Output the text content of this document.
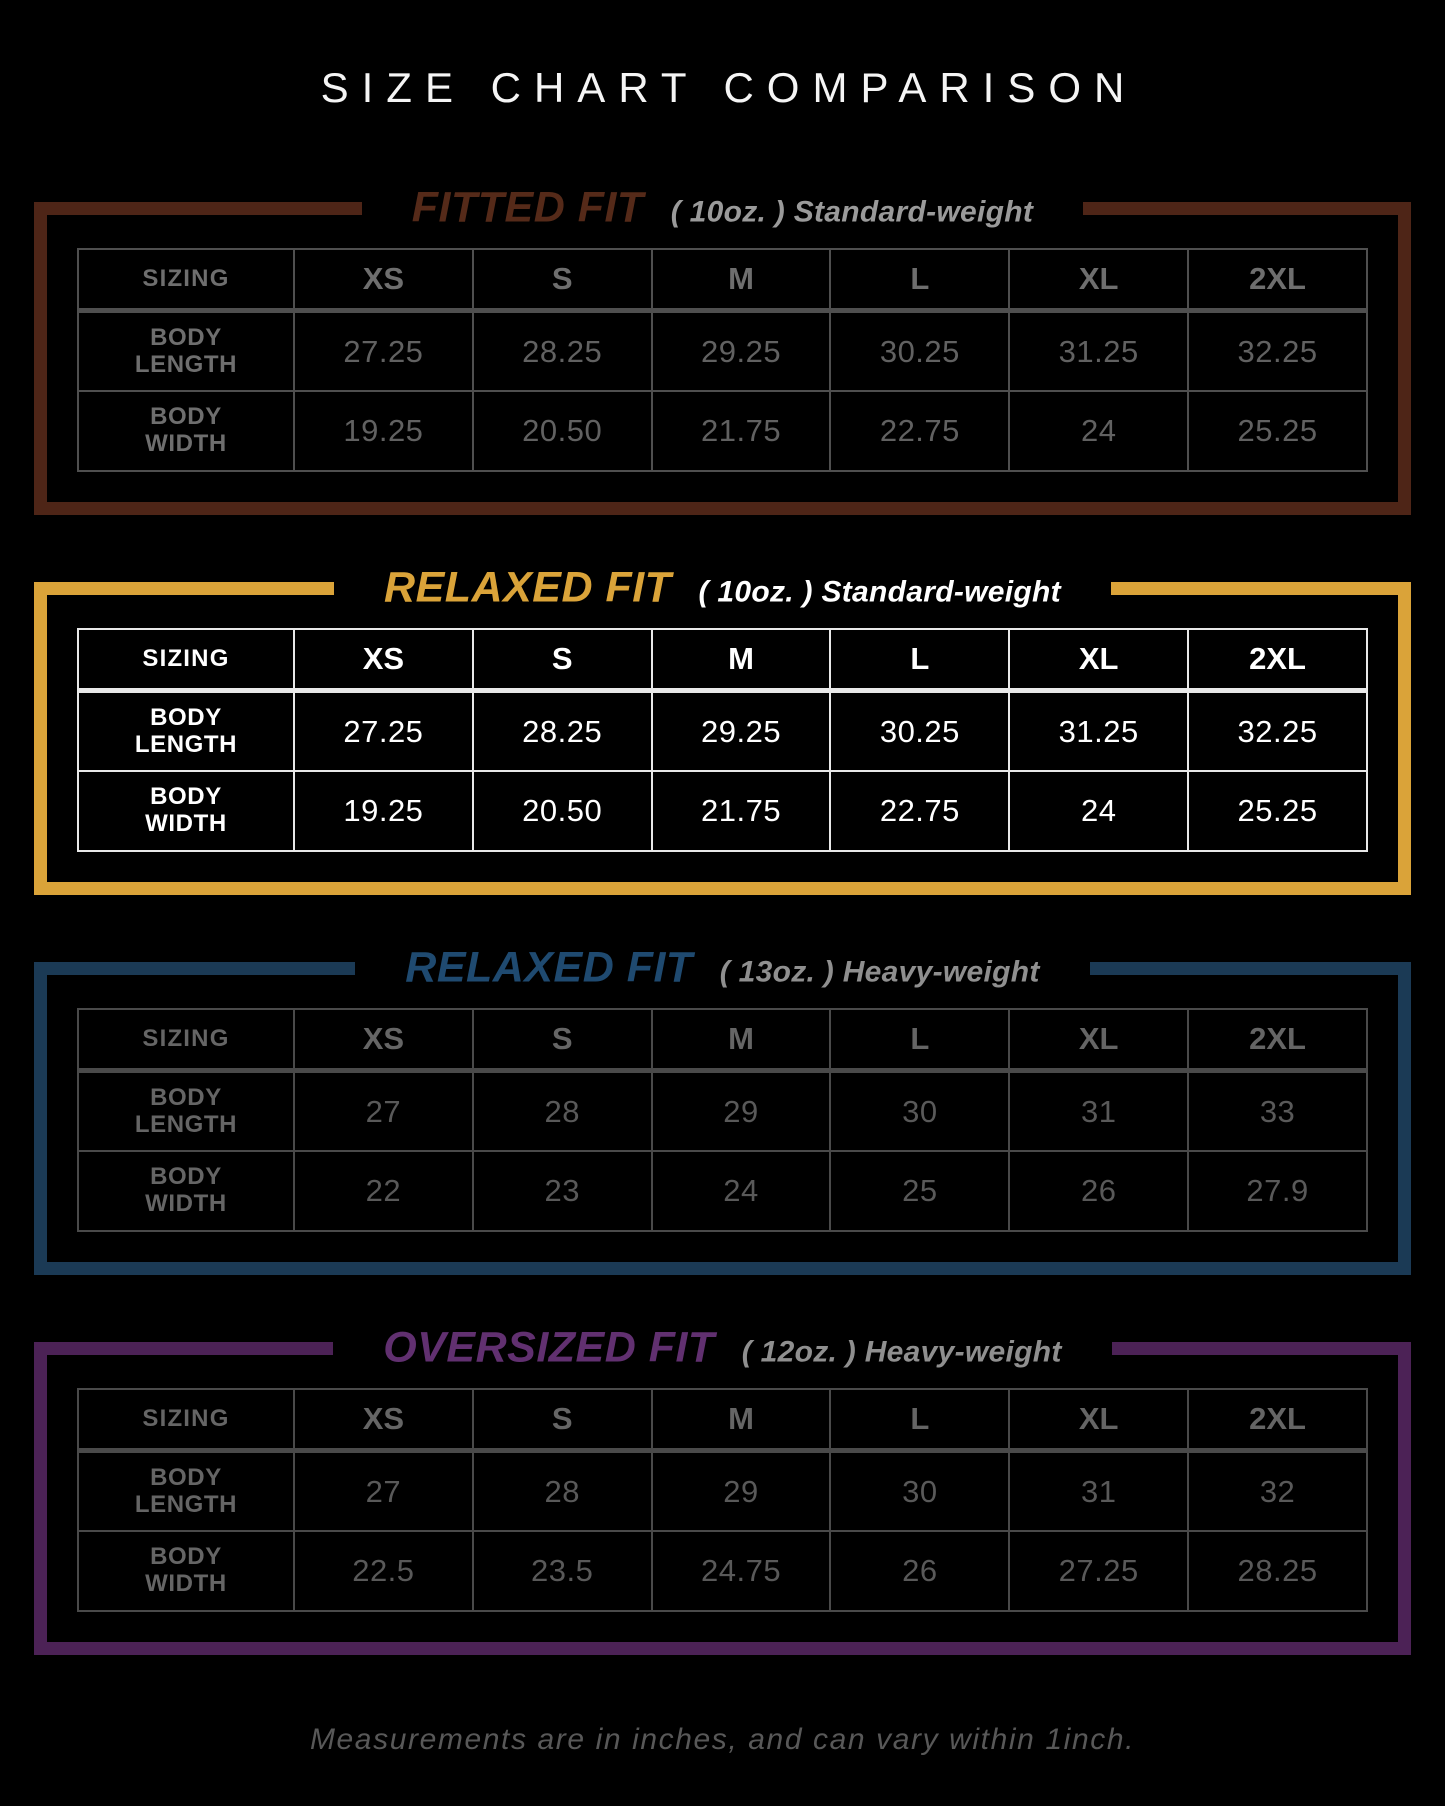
SIZE CHART COMPARISON
FITTED FIT ( 10oz. ) Standard-weight
SIZING	XS	S	M	L	XL	2XL

BODY
LENGTH	27.25	28.25	29.25	30.25	31.25	32.25

BODY
WIDTH	19.25	20.50	21.75	22.75	24	25.25
RELAXED FIT ( 10oz. ) Standard-weight
SIZING	XS	S	M	L	XL	2XL

BODY
LENGTH	27.25	28.25	29.25	30.25	31.25	32.25

BODY
WIDTH	19.25	20.50	21.75	22.75	24	25.25
RELAXED FIT ( 13oz. ) Heavy-weight
SIZING	XS	S	M	L	XL	2XL

BODY
LENGTH	27	28	29	30	31	33

BODY
WIDTH	22	23	24	25	26	27.9
OVERSIZED FIT ( 12oz. ) Heavy-weight
SIZING	XS	S	M	L	XL	2XL

BODY
LENGTH	27	28	29	30	31	32

BODY
WIDTH	22.5	23.5	24.75	26	27.25	28.25
Measurements are in inches, and can vary within 1inch.
